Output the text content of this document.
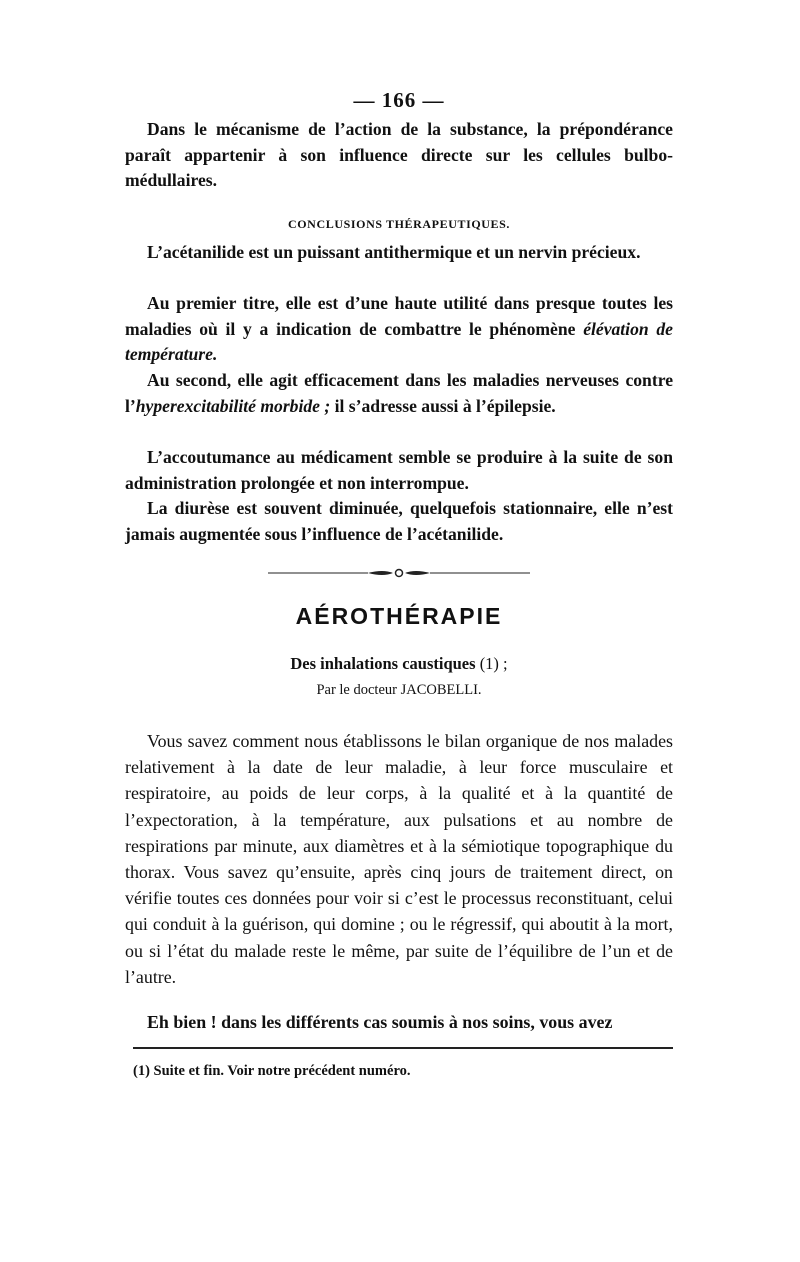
— 166 —

Dans le mécanisme de l’action de la substance, la prépondérance paraît appartenir à son influence directe sur les cellules bulbo-médullaires.

CONCLUSIONS THÉRAPEUTIQUES.

L’acétanilide est un puissant antithermique et un nervin précieux.

Au premier titre, elle est d’une haute utilité dans presque toutes les maladies où il y a indication de combattre le phénomène élévation de température.

Au second, elle agit efficacement dans les maladies nerveuses contre l’hyperexcitabilité morbide ; il s’adresse aussi à l’épilepsie.

L’accoutumance au médicament semble se produire à la suite de son administration prolongée et non interrompue.

La diurèse est souvent diminuée, quelquefois stationnaire, elle n’est jamais augmentée sous l’influence de l’acétanilide.

AÉROTHÉRAPIE
Des inhalations caustiques (1) ;
Par le docteur JACOBELLI.

Vous savez comment nous établissons le bilan organique de nos malades relativement à la date de leur maladie, à leur force musculaire et respiratoire, au poids de leur corps, à la qualité et à la quantité de l’expectoration, à la température, aux pulsations et au nombre de respirations par minute, aux diamètres et à la sémiotique topographique du thorax. Vous savez qu’ensuite, après cinq jours de traitement direct, on vérifie toutes ces données pour voir si c’est le processus reconstituant, celui qui conduit à la guérison, qui domine ; ou le régressif, qui aboutit à la mort, ou si l’état du malade reste le même, par suite de l’équilibre de l’un et de l’autre.

Eh bien ! dans les différents cas soumis à nos soins, vous avez

(1) Suite et fin. Voir notre précédent numéro.
